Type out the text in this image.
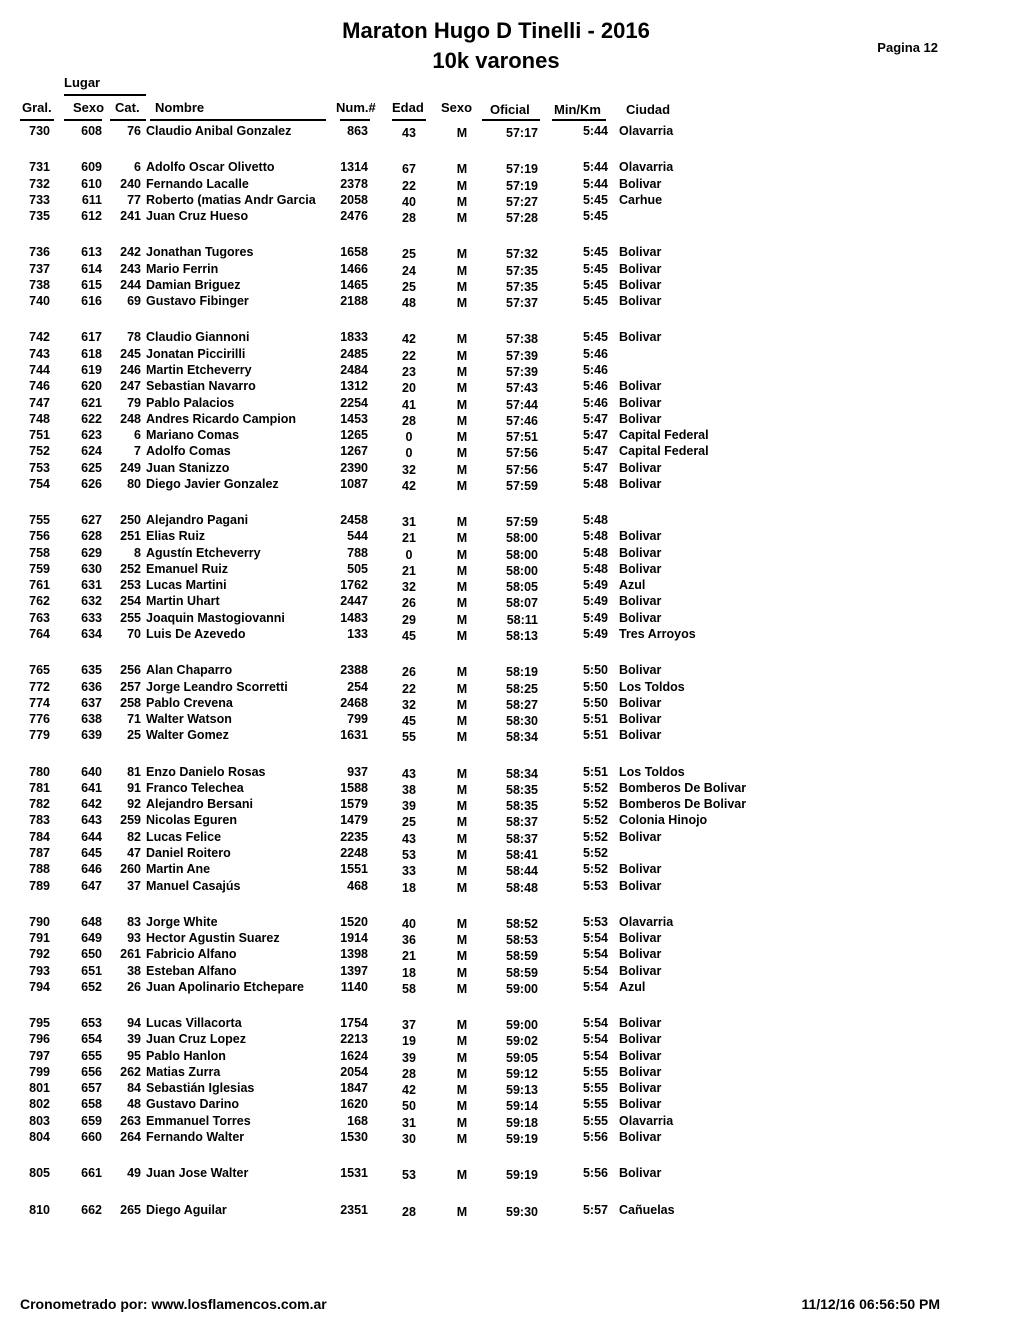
Maraton Hugo D Tinelli - 2016
10k varones
Pagina 12
Lugar
Gral. Sexo Cat. Nombre	Num.# Edad Sexo Oficial Min/Km Ciudad
730	608	76 Claudio Anibal Gonzalez	863	43	M	57:17	5:44 Olavarria
731	609	6 Adolfo Oscar Olivetto	1314	67	M	57:19	5:44 Olavarria
732	610	240 Fernando Lacalle	2378	22	M	57:19	5:44 Bolivar
733	611	77 Roberto (matias Andr Garcia	2058	40	M	57:27	5:45 Carhue
735	612	241 Juan Cruz Hueso	2476	28	M	57:28	5:45
736	613	242 Jonathan Tugores	1658	25	M	57:32	5:45 Bolivar
737	614	243 Mario Ferrin	1466	24	M	57:35	5:45 Bolivar
738	615	244 Damian Briguez	1465	25	M	57:35	5:45 Bolivar
740	616	69 Gustavo Fibinger	2188	48	M	57:37	5:45 Bolivar
742	617	78 Claudio Giannoni	1833	42	M	57:38	5:45 Bolivar
743	618	245 Jonatan Piccirilli	2485	22	M	57:39	5:46
744	619	246 Martin Etcheverry	2484	23	M	57:39	5:46
746	620	247 Sebastian Navarro	1312	20	M	57:43	5:46 Bolivar
747	621	79 Pablo Palacios	2254	41	M	57:44	5:46 Bolivar
748	622	248 Andres Ricardo Campion	1453	28	M	57:46	5:47 Bolivar
751	623	6 Mariano Comas	1265	0	M	57:51	5:47 Capital Federal
752	624	7 Adolfo Comas	1267	0	M	57:56	5:47 Capital Federal
753	625	249 Juan Stanizzo	2390	32	M	57:56	5:47 Bolivar
754	626	80 Diego Javier Gonzalez	1087	42	M	57:59	5:48 Bolivar
755	627	250 Alejandro Pagani	2458	31	M	57:59	5:48
756	628	251 Elias Ruiz	544	21	M	58:00	5:48 Bolivar
758	629	8 Agustín Etcheverry	788	0	M	58:00	5:48 Bolivar
759	630	252 Emanuel Ruiz	505	21	M	58:00	5:48 Bolivar
761	631	253 Lucas Martini	1762	32	M	58:05	5:49 Azul
762	632	254 Martin Uhart	2447	26	M	58:07	5:49 Bolivar
763	633	255 Joaquin Mastogiovanni	1483	29	M	58:11	5:49 Bolivar
764	634	70 Luis De Azevedo	133	45	M	58:13	5:49 Tres Arroyos
765	635	256 Alan Chaparro	2388	26	M	58:19	5:50 Bolivar
772	636	257 Jorge Leandro Scorretti	254	22	M	58:25	5:50 Los Toldos
774	637	258 Pablo Crevena	2468	32	M	58:27	5:50 Bolivar
776	638	71 Walter Watson	799	45	M	58:30	5:51 Bolivar
779	639	25 Walter Gomez	1631	55	M	58:34	5:51 Bolivar
780	640	81 Enzo Danielo Rosas	937	43	M	58:34	5:51 Los Toldos
781	641	91 Franco Telechea	1588	38	M	58:35	5:52 Bomberos De Bolivar
782	642	92 Alejandro Bersani	1579	39	M	58:35	5:52 Bomberos De Bolivar
783	643	259 Nicolas Eguren	1479	25	M	58:37	5:52 Colonia Hinojo
784	644	82 Lucas Felice	2235	43	M	58:37	5:52 Bolivar
787	645	47 Daniel Roitero	2248	53	M	58:41	5:52
788	646	260 Martin Ane	1551	33	M	58:44	5:52 Bolivar
789	647	37 Manuel Casajús	468	18	M	58:48	5:53 Bolivar
790	648	83 Jorge White	1520	40	M	58:52	5:53 Olavarria
791	649	93 Hector Agustin Suarez	1914	36	M	58:53	5:54 Bolivar
792	650	261 Fabricio Alfano	1398	21	M	58:59	5:54 Bolivar
793	651	38 Esteban Alfano	1397	18	M	58:59	5:54 Bolivar
794	652	26 Juan Apolinario Etchepare	1140	58	M	59:00	5:54 Azul
795	653	94 Lucas Villacorta	1754	37	M	59:00	5:54 Bolivar
796	654	39 Juan Cruz Lopez	2213	19	M	59:02	5:54 Bolivar
797	655	95 Pablo Hanlon	1624	39	M	59:05	5:54 Bolivar
799	656	262 Matias Zurra	2054	28	M	59:12	5:55 Bolivar
801	657	84 Sebastián Iglesias	1847	42	M	59:13	5:55 Bolivar
802	658	48 Gustavo Darino	1620	50	M	59:14	5:55 Bolivar
803	659	263 Emmanuel Torres	168	31	M	59:18	5:55 Olavarria
804	660	264 Fernando Walter	1530	30	M	59:19	5:56 Bolivar
805	661	49 Juan Jose Walter	1531	53	M	59:19	5:56 Bolivar
810	662	265 Diego Aguilar	2351	28	M	59:30	5:57 Cañuelas
Cronometrado por: www.losflamencos.com.ar	11/12/16 06:56:50 PM
